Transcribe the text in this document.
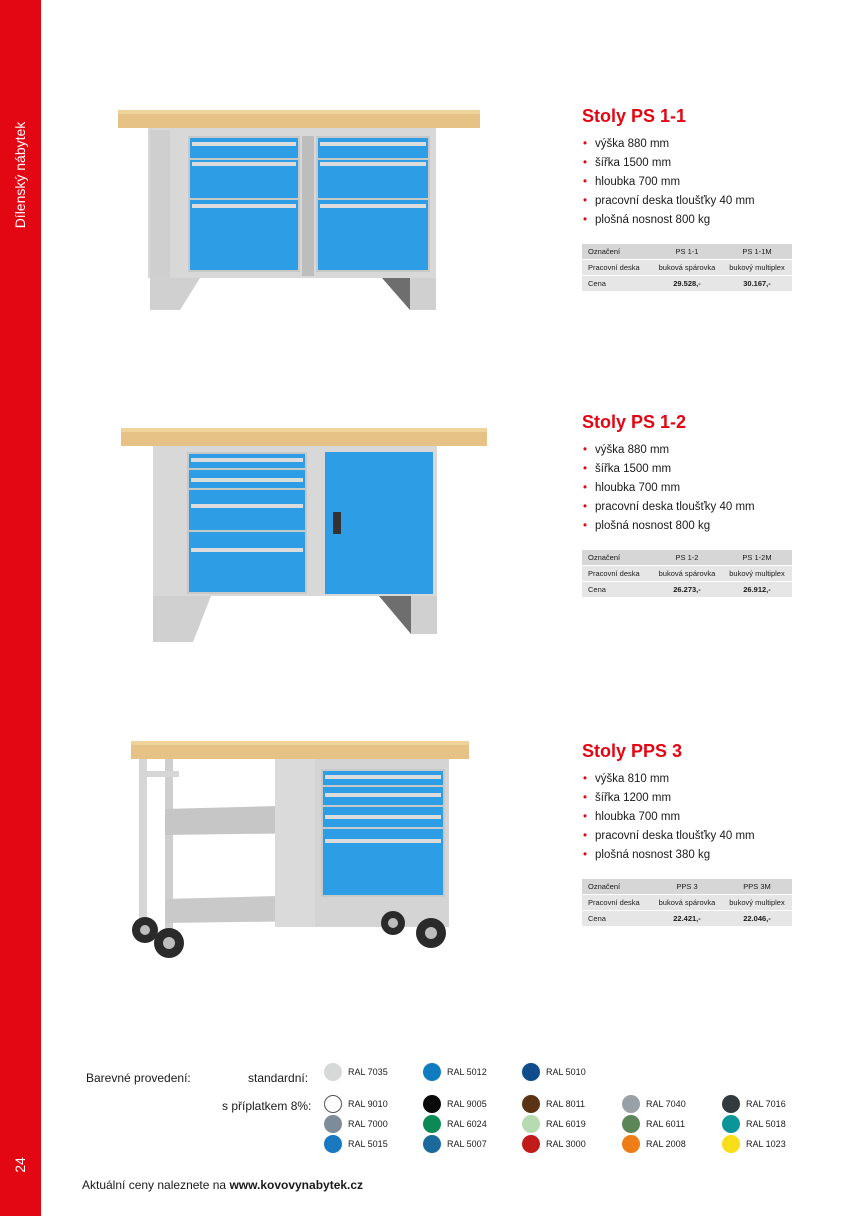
Dílenský nábytek
24
Stoly PS 1-1
• výška 880 mm
• šířka 1500 mm
• hloubka 700 mm
• pracovní deska tloušťky 40 mm
• plošná nosnost 800 kg
Označení	PS 1-1	PS 1-1M
Pracovní deska	buková spárovka	bukový multiplex
Cena	29.528,-	30.167,-
Stoly PS 1-2
• výška 880 mm
• šířka 1500 mm
• hloubka 700 mm
• pracovní deska tloušťky 40 mm
• plošná nosnost 800 kg
Označení	PS 1-2	PS 1-2M
Pracovní deska	buková spárovka	bukový multiplex
Cena	26.273,-	26.912,-
Stoly PPS 3
• výška 810 mm
• šířka 1200 mm
• hloubka 700 mm
• pracovní deska tloušťky 40 mm
• plošná nosnost 380 kg
Označení	PPS 3	PPS 3M
Pracovní deska	buková spárovka	bukový multiplex
Cena	22.421,-	22.046,-
Barevné provedení:	standardní:
s příplatkem 8%:
RAL 7035	RAL 5012	RAL 5010
RAL 9010	RAL 9005	RAL 8011	RAL 7040	RAL 7016
RAL 7000	RAL 6024	RAL 6019	RAL 6011	RAL 5018
RAL 5015	RAL 5007	RAL 3000	RAL 2008	RAL 1023
Aktuální ceny naleznete na www.kovovynabytek.cz
